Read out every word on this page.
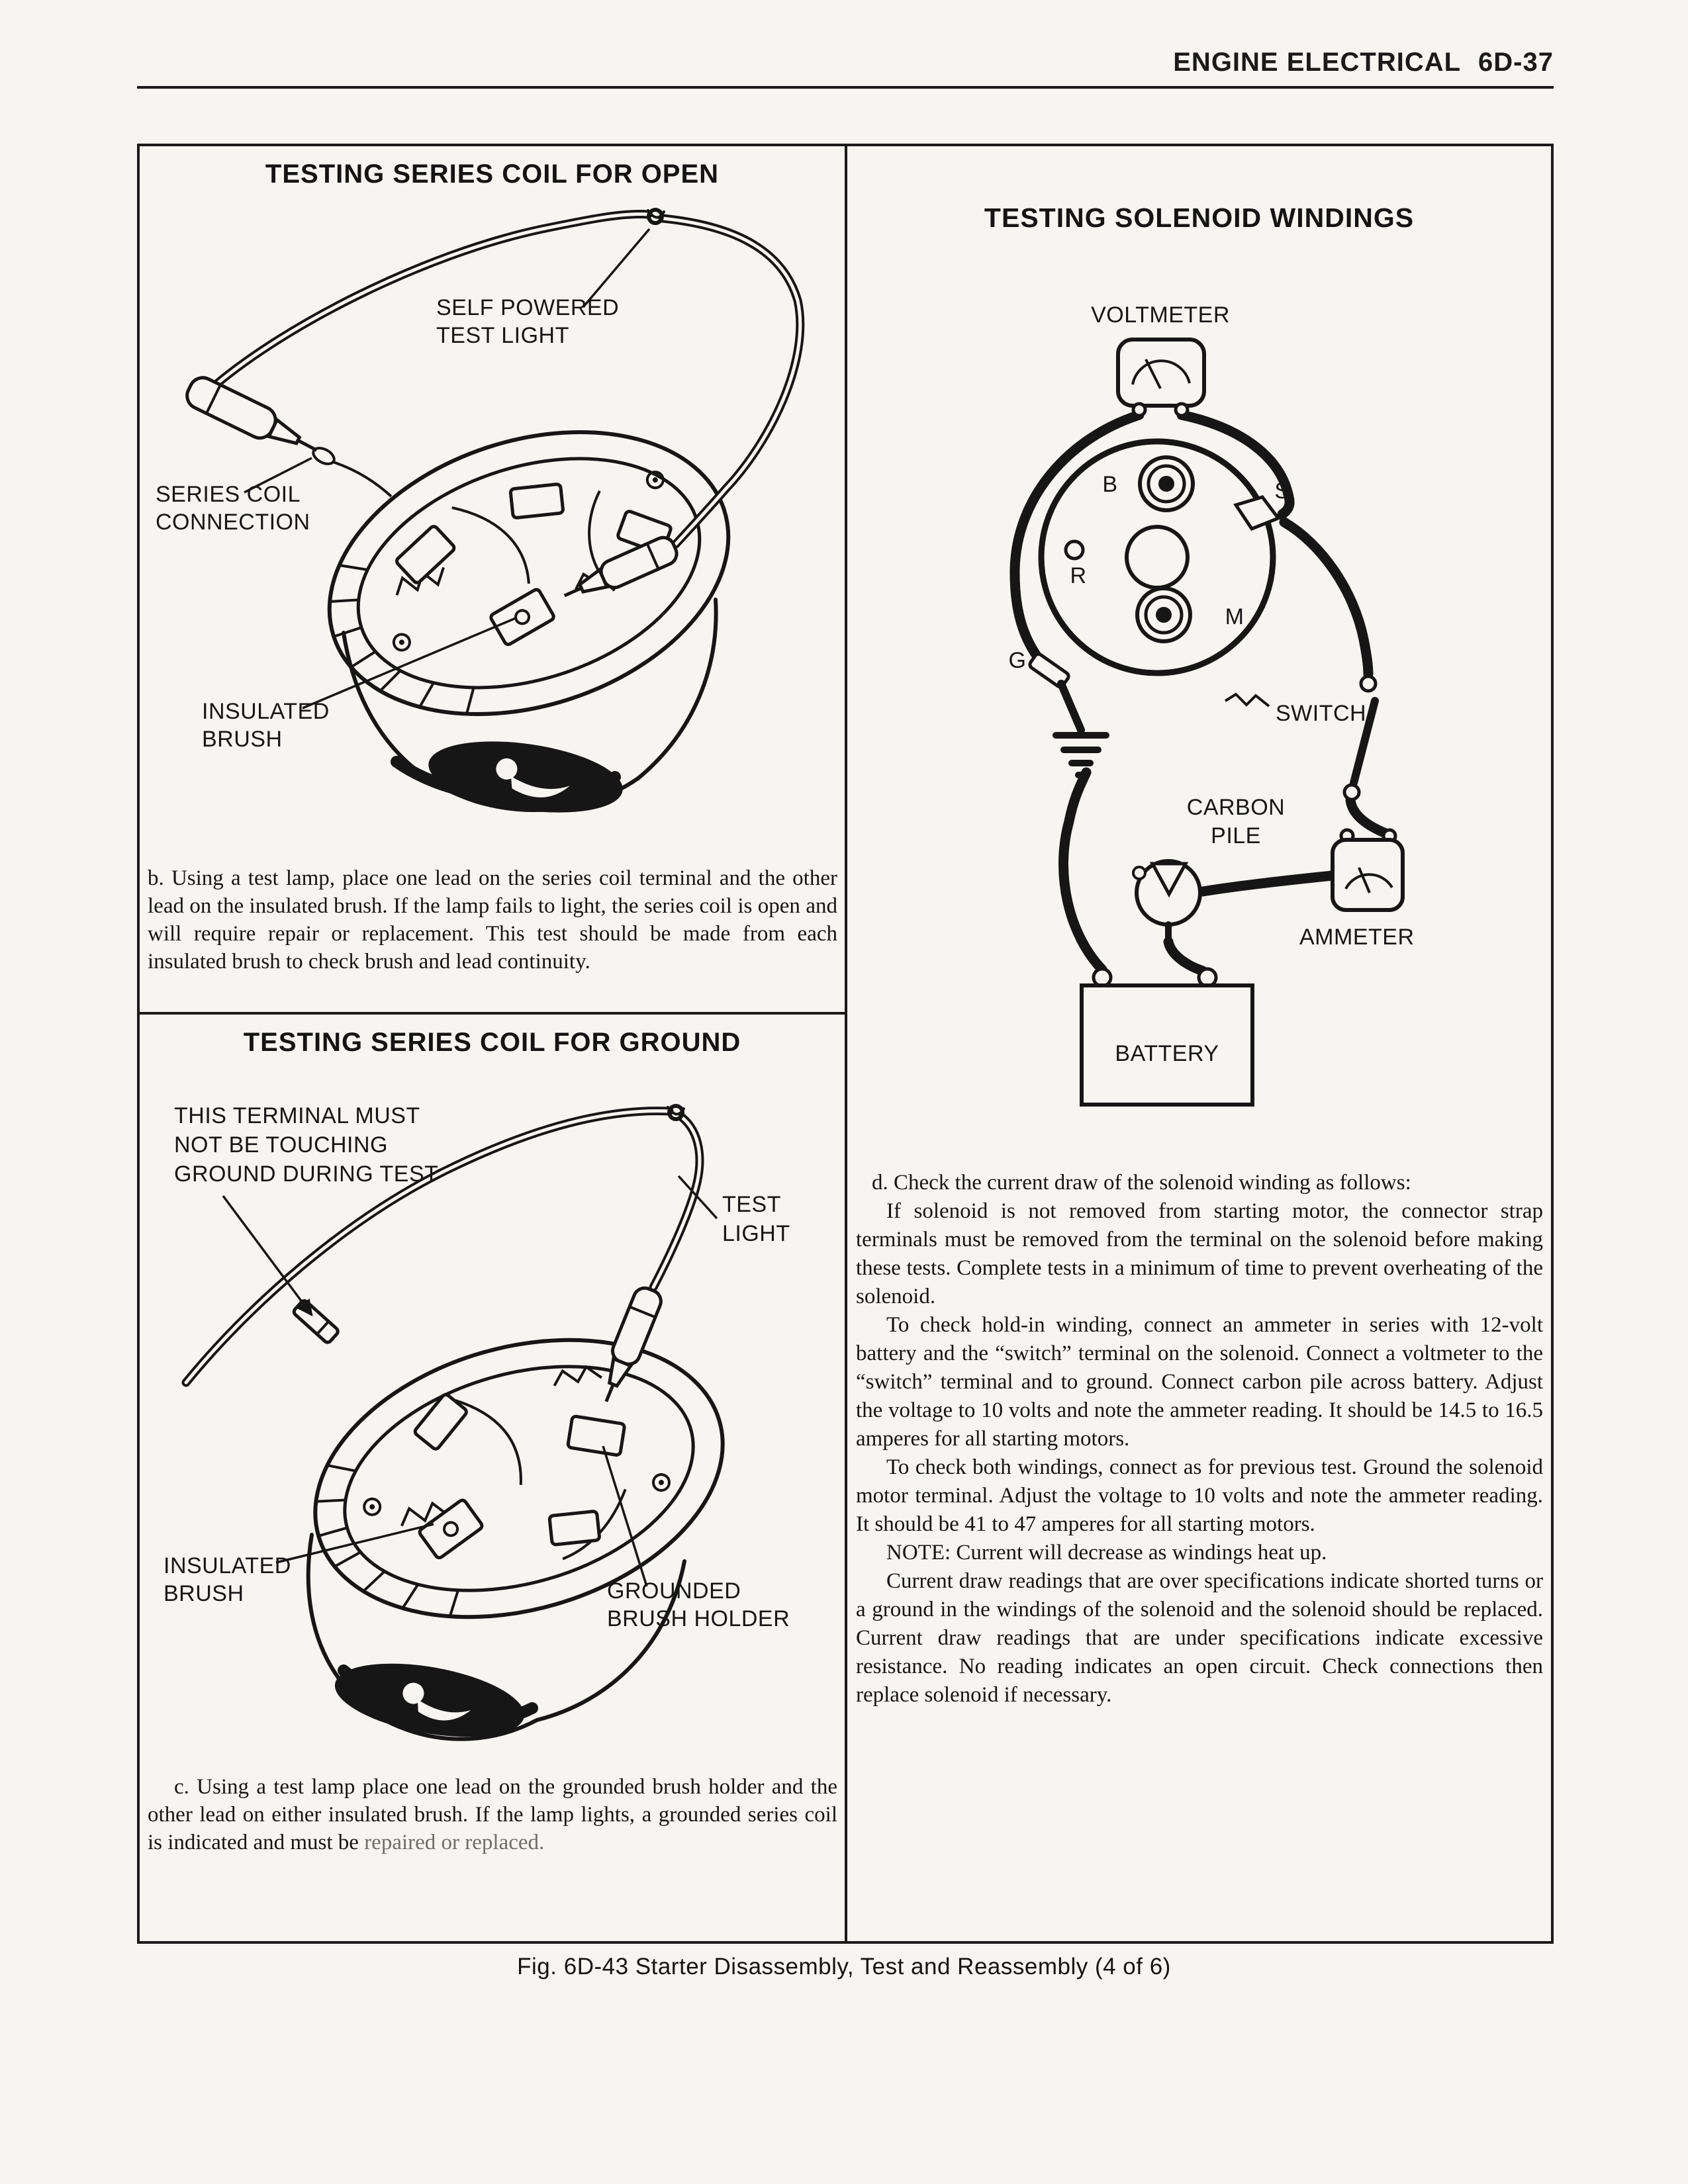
ENGINE ELECTRICAL 6D-37
TESTING SERIES COIL FOR OPEN
SELF POWERED
TEST LIGHT
SERIES COIL
CONNECTION
INSULATED
BRUSH

b. Using a test lamp, place one lead on the series coil terminal and the other lead on the insulated brush. If the lamp fails to light, the series coil is open and will require repair or replacement. This test should be made from each insulated brush to check brush and lead continuity.

TESTING SERIES COIL FOR GROUND
THIS TERMINAL MUST
NOT BE TOUCHING
GROUND DURING TEST
TEST
LIGHT
INSULATED
BRUSH	GROUNDED
BRUSH HOLDER

c. Using a test lamp place one lead on the grounded brush holder and the other lead on either insulated brush. If the lamp lights, a grounded series coil is indicated and must be repaired or replaced.

TESTING SOLENOID WINDINGS
VOLTMETER
B
R
S
M
G
SWITCH
CARBON
PILE
AMMETER
BATTERY

d. Check the current draw of the solenoid winding as follows:

If solenoid is not removed from starting motor, the connector strap terminals must be removed from the terminal on the solenoid before making these tests. Complete tests in a minimum of time to prevent overheating of the solenoid.

To check hold-in winding, connect an ammeter in series with 12-volt battery and the “switch” terminal on the solenoid. Connect a voltmeter to the “switch” terminal and to ground. Connect carbon pile across battery. Adjust the voltage to 10 volts and note the ammeter reading. It should be 14.5 to 16.5 amperes for all starting motors.

To check both windings, connect as for previous test. Ground the solenoid motor terminal. Adjust the voltage to 10 volts and note the ammeter reading. It should be 41 to 47 amperes for all starting motors.

NOTE: Current will decrease as windings heat up.

Current draw readings that are over specifications indicate shorted turns or a ground in the windings of the solenoid and the solenoid should be replaced. Current draw readings that are under specifications indicate excessive resistance. No reading indicates an open circuit. Check connections then replace solenoid if necessary.

Fig. 6D-43 Starter Disassembly, Test and Reassembly (4 of 6)
